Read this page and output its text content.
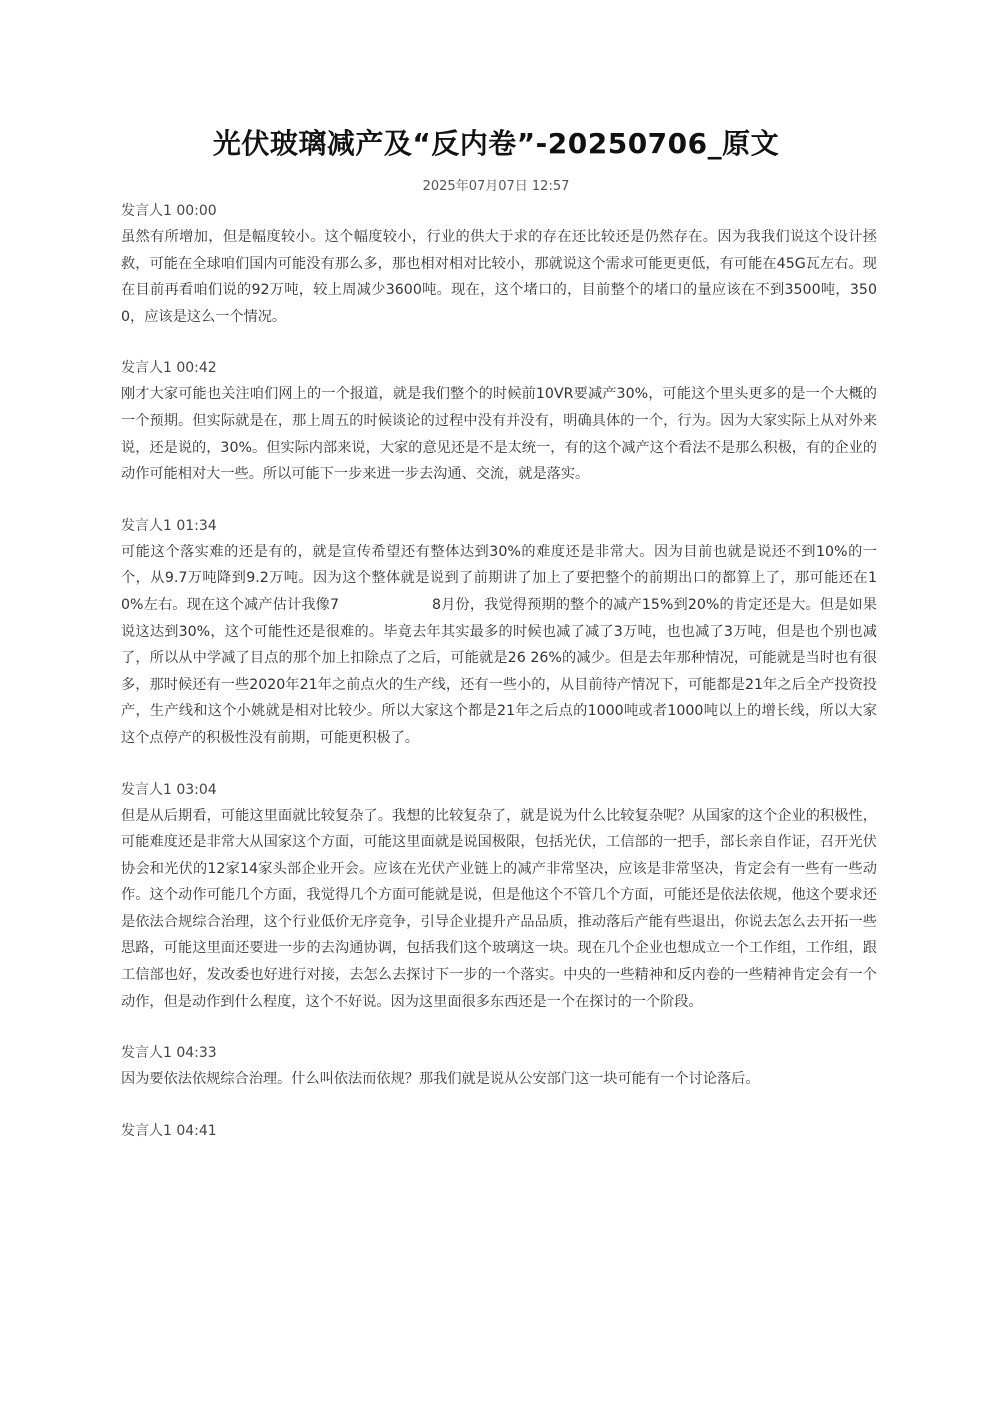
光伏玻璃减产及“反内卷”-20250706_原文
2025年07月07日 12:57
发言人1 00:00
虽然有所增加，但是幅度较小。这个幅度较小，行业的供大于求的存在还比较还是仍然存在。因为我我们说这个设计拯救，可能在全球咱们国内可能没有那么多，那也相对相对比较小，那就说这个需求可能更更低，有可能在45G瓦左右。现在目前再看咱们说的92万吨，较上周减少3600吨。现在，这个堵口的，目前整个的堵口的量应该在不到3500吨，3500，应该是这么一个情况。
发言人1 00:42
刚才大家可能也关注咱们网上的一个报道，就是我们整个的时候前10VR要减产30%，可能这个里头更多的是一个大概的一个预期。但实际就是在，那上周五的时候谈论的过程中没有并没有，明确具体的一个，行为。因为大家实际上从对外来说，还是说的，30%。但实际内部来说，大家的意见还是不是太统一，有的这个减产这个看法不是那么积极，有的企业的动作可能相对大一些。所以可能下一步来进一步去沟通、交流，就是落实。
发言人1 01:34
可能这个落实难的还是有的，就是宣传希望还有整体达到30%的难度还是非常大。因为目前也就是说还不到10%的一个，从9.7万吨降到9.2万吨。因为这个整体就是说到了前期讲了加上了要把整个的前期出口的都算上了，那可能还在10%左右。现在这个减产估计我像7                    8月份，我觉得预期的整个的减产15%到20%的肯定还是大。但是如果说这达到30%，这个可能性还是很难的。毕竟去年其实最多的时候也减了减了3万吨，也也减了3万吨，但是也个别也减了，所以从中学减了目点的那个加上扣除点了之后，可能就是26 26%的减少。但是去年那种情况，可能就是当时也有很多，那时候还有一些2020年21年之前点火的生产线，还有一些小的，从目前待产情况下，可能都是21年之后全产投资投产，生产线和这个小姚就是相对比较少。所以大家这个都是21年之后点的1000吨或者1000吨以上的增长线，所以大家这个点停产的积极性没有前期，可能更积极了。
发言人1 03:04
但是从后期看，可能这里面就比较复杂了。我想的比较复杂了，就是说为什么比较复杂呢？从国家的这个企业的积极性，可能难度还是非常大从国家这个方面，可能这里面就是说国极限，包括光伏，工信部的一把手，部长亲自作证，召开光伏协会和光伏的12家14家头部企业开会。应该在光伏产业链上的减产非常坚决，应该是非常坚决，肯定会有一些有一些动作。这个动作可能几个方面，我觉得几个方面可能就是说，但是他这个不管几个方面，可能还是依法依规，他这个要求还是依法合规综合治理，这个行业低价无序竞争，引导企业提升产品品质，推动落后产能有些退出，你说去怎么去开拓一些思路，可能这里面还要进一步的去沟通协调，包括我们这个玻璃这一块。现在几个企业也想成立一个工作组，工作组，跟工信部也好，发改委也好进行对接，去怎么去探讨下一步的一个落实。中央的一些精神和反内卷的一些精神肯定会有一个动作，但是动作到什么程度，这个不好说。因为这里面很多东西还是一个在探讨的一个阶段。
发言人1 04:33
因为要依法依规综合治理。什么叫依法而依规？那我们就是说从公安部门这一块可能有一个讨论落后。
发言人1 04:41
